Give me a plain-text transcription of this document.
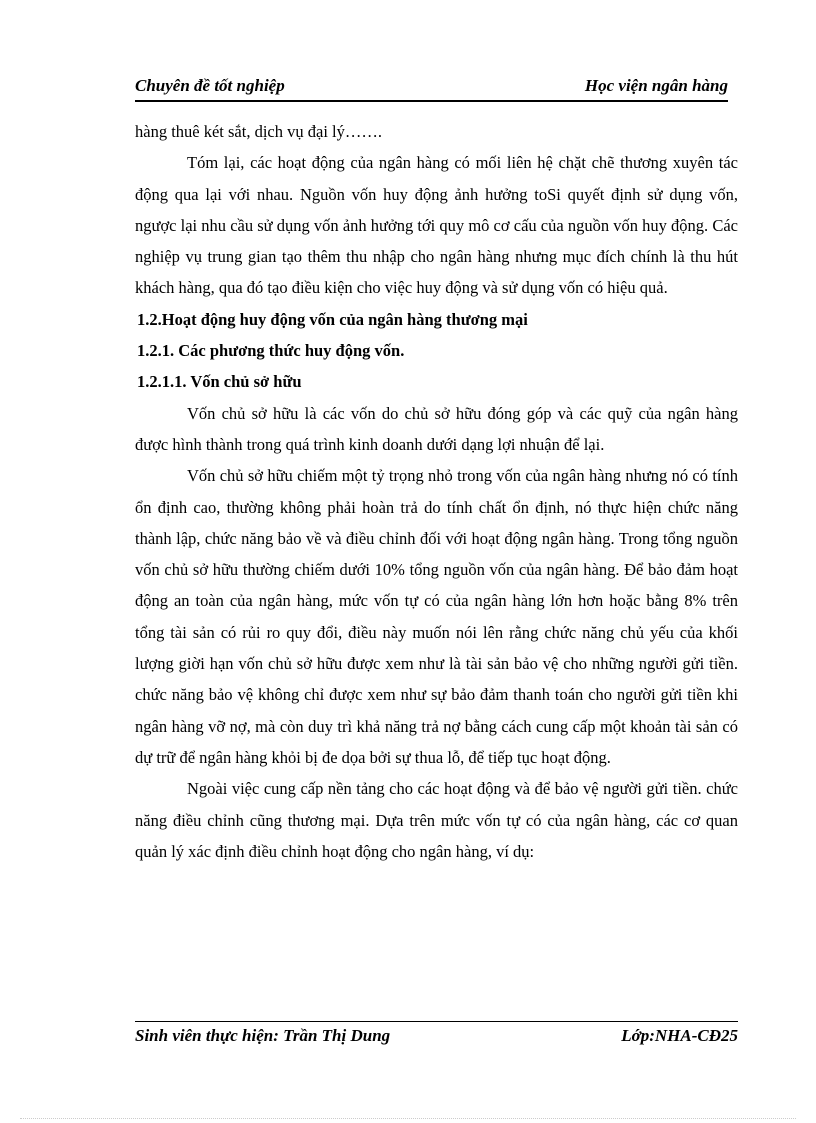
Chuyên đề tốt nghiệp	Học viện ngân hàng

hàng thuê két sắt, dịch vụ đại lý…….

Tóm lại, các hoạt động của ngân hàng có mối liên hệ chặt chẽ thương xuyên tác động qua lại với nhau. Nguồn vốn huy động ảnh hưởng toSi quyết định sử dụng vốn, ngược lại nhu cầu sử dụng vốn ảnh hưởng tới quy mô cơ cấu của nguồn vốn huy động. Các nghiệp vụ trung gian tạo thêm thu nhập cho ngân hàng nhưng mục đích chính là thu hút khách hàng, qua đó tạo điều kiện cho việc huy động và sử dụng vốn có hiệu quả.

1.2.Hoạt động huy động vốn của ngân hàng thương mại
1.2.1. Các phương thức huy động vốn.
1.2.1.1. Vốn chủ sở hữu

Vốn chủ sở hữu là các vốn do chủ sở hữu đóng góp và các quỹ của ngân hàng được hình thành trong quá trình kinh doanh dưới dạng lợi nhuận để lại.

Vốn chủ sở hữu chiếm một tỷ trọng nhỏ trong vốn của ngân hàng nhưng nó có tính ổn định cao, thường không phải hoàn trả do tính chất ổn định, nó thực hiện chức năng thành lập, chức năng bảo về và điều chỉnh đối với hoạt động ngân hàng. Trong tổng nguồn vốn chủ sở hữu thường chiếm dưới 10% tổng nguồn vốn của ngân hàng. Để bảo đảm hoạt động an toàn của ngân hàng, mức vốn tự có của ngân hàng lớn hơn hoặc bằng 8% trên tổng tài sản có rủi ro quy đổi, điều này muốn nói lên rằng chức năng chủ yếu của khối lượng giời hạn vốn chủ sở hữu được xem như là tài sản bảo vệ cho những người gửi tiền. chức năng bảo vệ không chỉ được xem như sự bảo đảm thanh toán cho người gửi tiền khi ngân hàng vỡ nợ, mà còn duy trì khả năng trả nợ bằng cách cung cấp một khoản tài sản có dự trữ để ngân hàng khỏi bị đe dọa bởi sự thua lỗ, để tiếp tục hoạt động.

Ngoài việc cung cấp nền tảng cho các hoạt động và để bảo vệ người gửi tiền. chức năng điều chỉnh cũng thương mại. Dựa trên mức vốn tự có của ngân hàng, các cơ quan quản lý xác định điều chỉnh hoạt động cho ngân hàng, ví dụ:

Sinh viên thực hiện: Trần Thị Dung	Lớp:NHA-CĐ25
